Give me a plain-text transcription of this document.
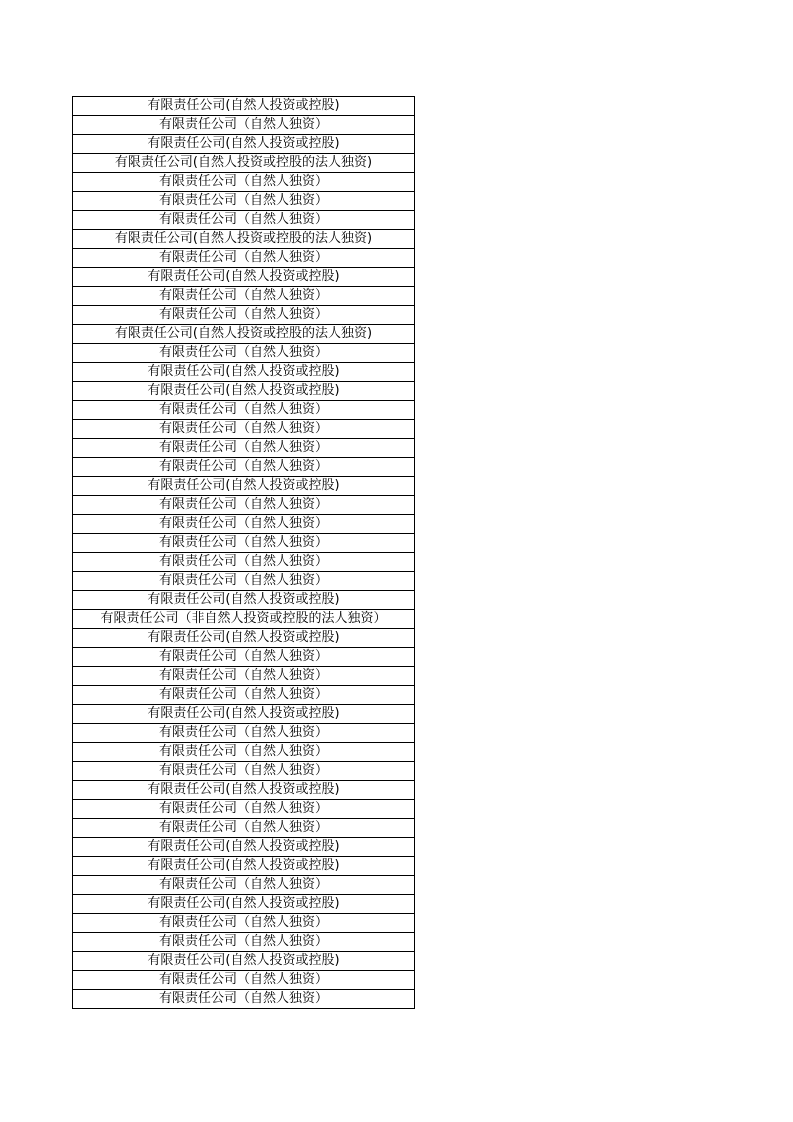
有限责任公司(自然人投资或控股)
有限责任公司（自然人独资）
有限责任公司(自然人投资或控股)
有限责任公司(自然人投资或控股的法人独资)
有限责任公司（自然人独资）
有限责任公司（自然人独资）
有限责任公司（自然人独资）
有限责任公司(自然人投资或控股的法人独资)
有限责任公司（自然人独资）
有限责任公司(自然人投资或控股)
有限责任公司（自然人独资）
有限责任公司（自然人独资）
有限责任公司(自然人投资或控股的法人独资)
有限责任公司（自然人独资）
有限责任公司(自然人投资或控股)
有限责任公司(自然人投资或控股)
有限责任公司（自然人独资）
有限责任公司（自然人独资）
有限责任公司（自然人独资）
有限责任公司（自然人独资）
有限责任公司(自然人投资或控股)
有限责任公司（自然人独资）
有限责任公司（自然人独资）
有限责任公司（自然人独资）
有限责任公司（自然人独资）
有限责任公司（自然人独资）
有限责任公司(自然人投资或控股)
有限责任公司（非自然人投资或控股的法人独资）
有限责任公司(自然人投资或控股)
有限责任公司（自然人独资）
有限责任公司（自然人独资）
有限责任公司（自然人独资）
有限责任公司(自然人投资或控股)
有限责任公司（自然人独资）
有限责任公司（自然人独资）
有限责任公司（自然人独资）
有限责任公司(自然人投资或控股)
有限责任公司（自然人独资）
有限责任公司（自然人独资）
有限责任公司(自然人投资或控股)
有限责任公司(自然人投资或控股)
有限责任公司（自然人独资）
有限责任公司(自然人投资或控股)
有限责任公司（自然人独资）
有限责任公司（自然人独资）
有限责任公司(自然人投资或控股)
有限责任公司（自然人独资）
有限责任公司（自然人独资）
